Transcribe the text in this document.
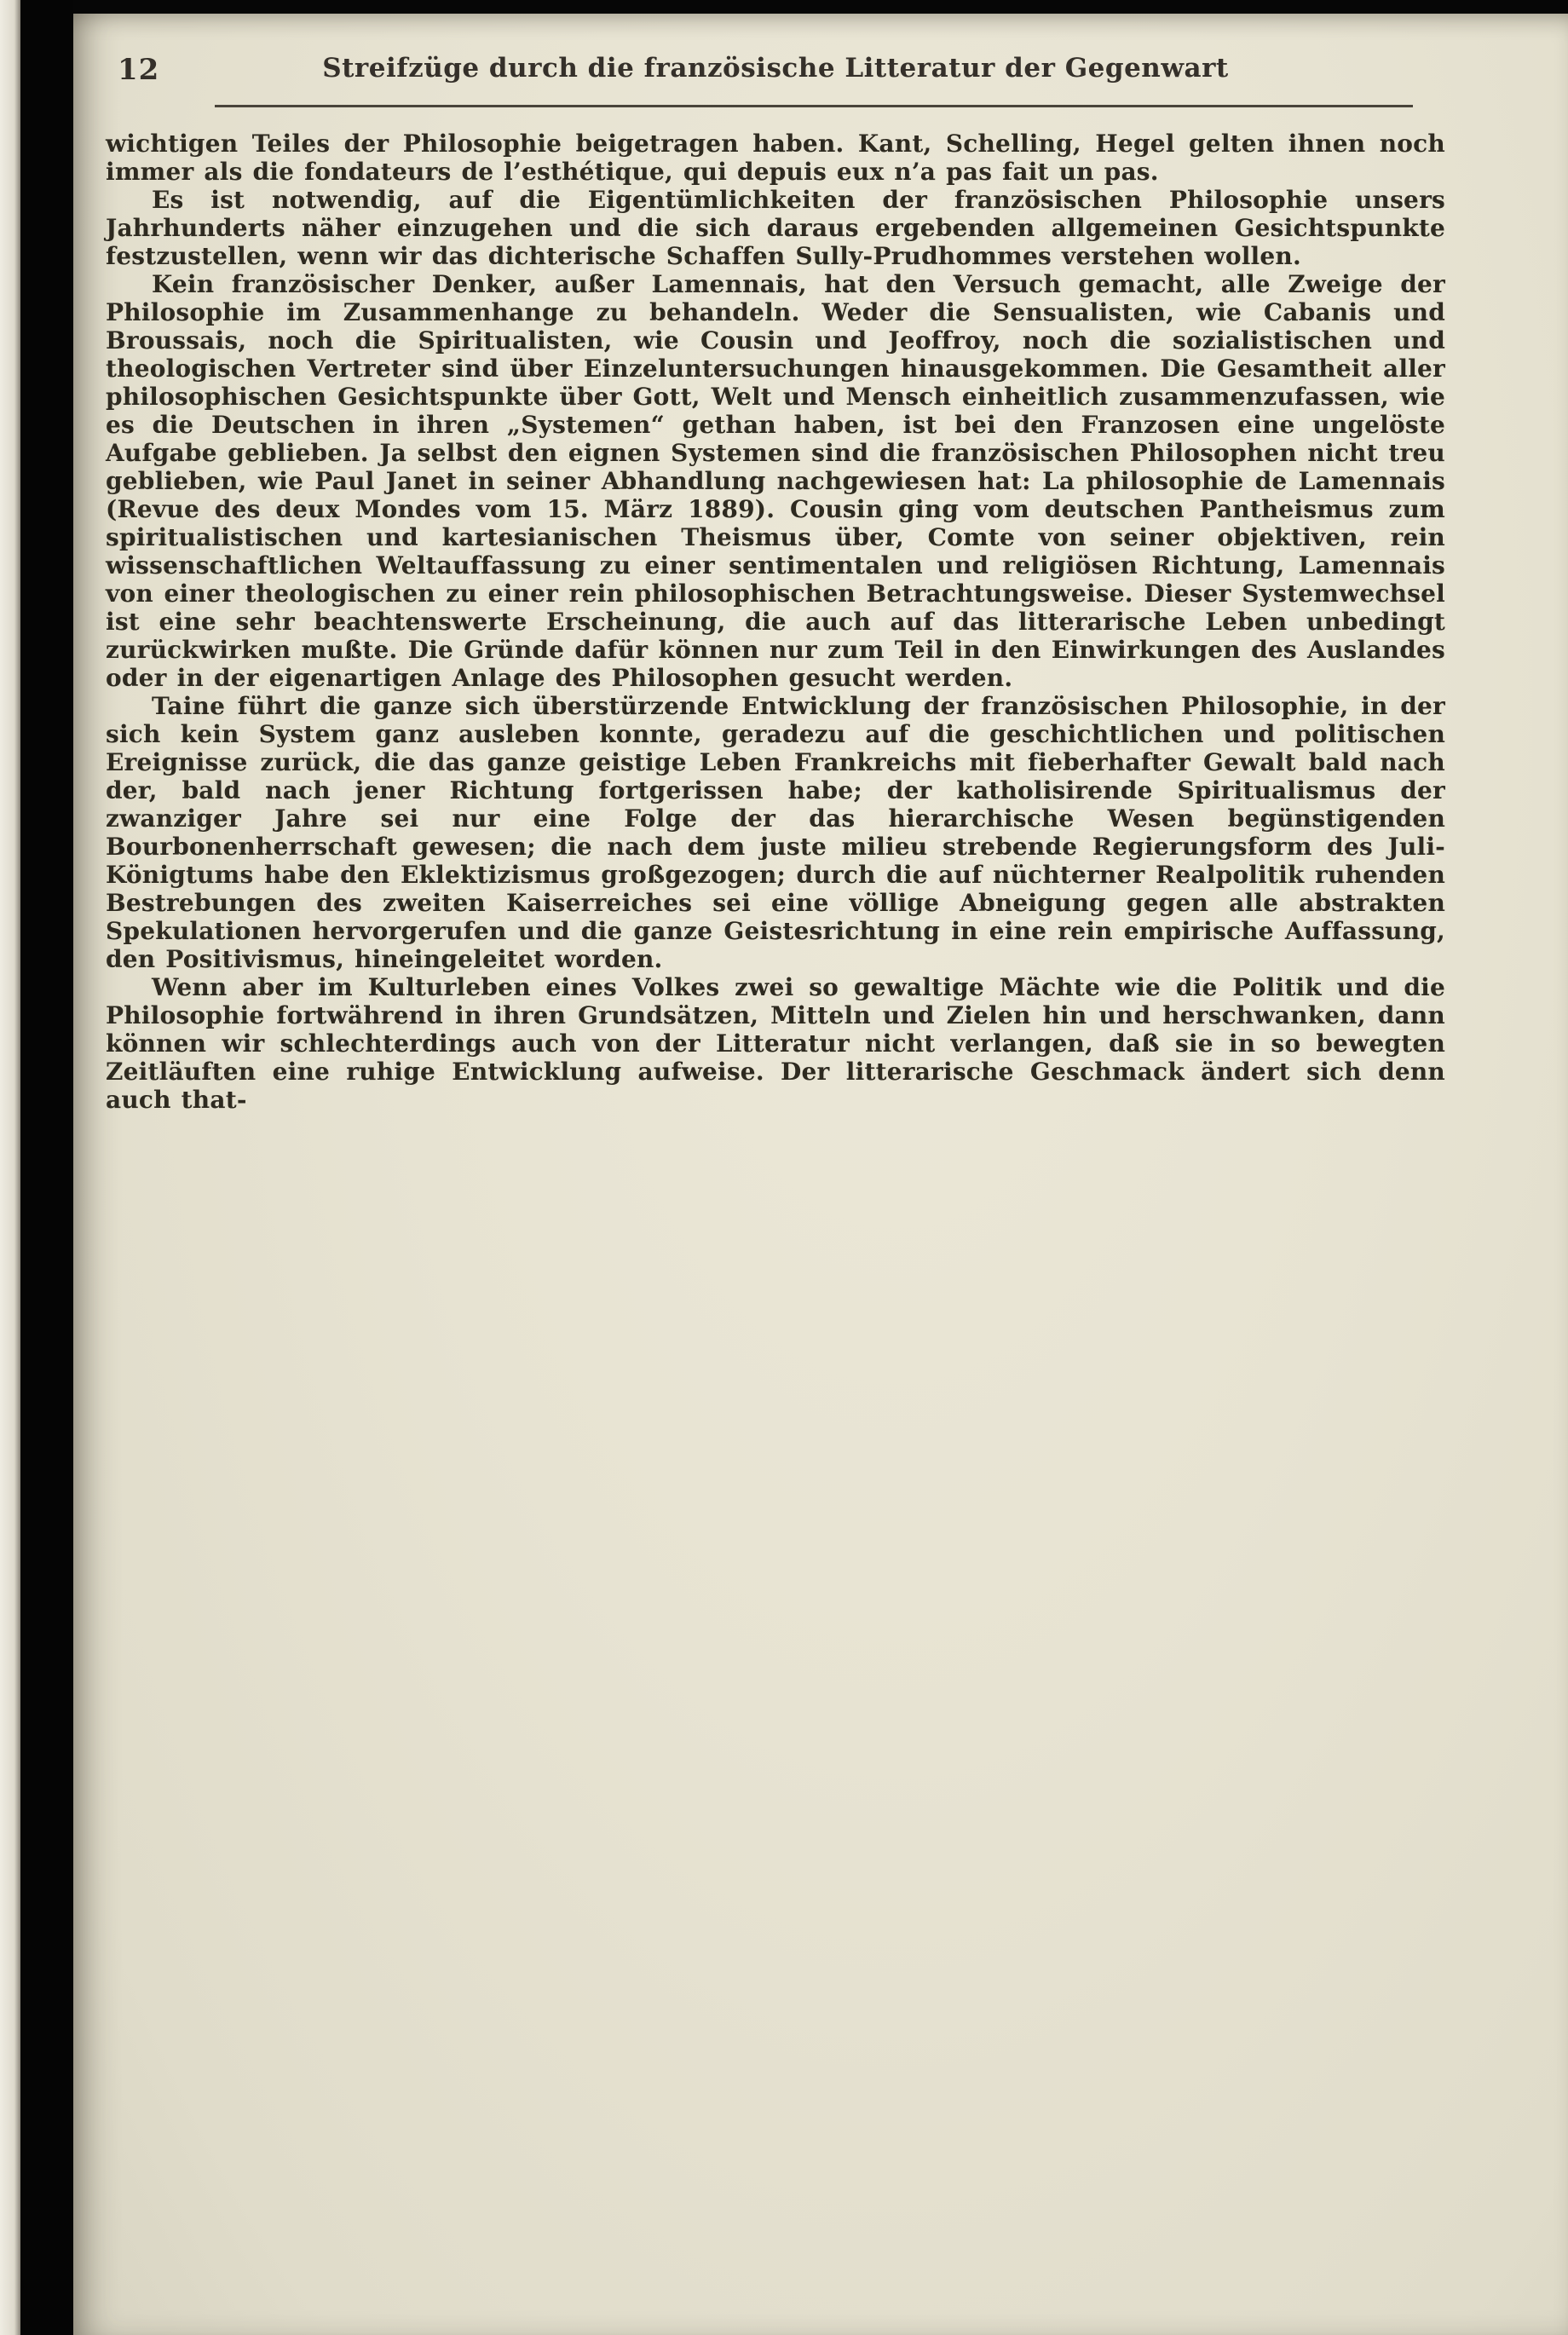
12	Streifzüge durch die französische Litteratur der Gegenwart

wichtigen Teiles der Philosophie beigetragen haben. Kant, Schelling, Hegel gelten ihnen noch immer als die fondateurs de l’esthétique, qui depuis eux n’a pas fait un pas.

Es ist notwendig, auf die Eigentümlichkeiten der französischen Philosophie unsers Jahrhunderts näher einzugehen und die sich daraus ergebenden allgemeinen Gesichtspunkte festzustellen, wenn wir das dichterische Schaffen Sully-Prudhommes verstehen wollen.

Kein französischer Denker, außer Lamennais, hat den Versuch gemacht, alle Zweige der Philosophie im Zusammenhange zu behandeln. Weder die Sensualisten, wie Cabanis und Broussais, noch die Spiritualisten, wie Cousin und Jeoffroy, noch die sozialistischen und theologischen Vertreter sind über Einzeluntersuchungen hinausgekommen. Die Gesamtheit aller philosophischen Gesichtspunkte über Gott, Welt und Mensch einheitlich zusammenzufassen, wie es die Deutschen in ihren „Systemen“ gethan haben, ist bei den Franzosen eine ungelöste Aufgabe geblieben. Ja selbst den eignen Systemen sind die französischen Philosophen nicht treu geblieben, wie Paul Janet in seiner Abhandlung nachgewiesen hat: La philosophie de Lamennais (Revue des deux Mondes vom 15. März 1889). Cousin ging vom deutschen Pantheismus zum spiritualistischen und kartesianischen Theismus über, Comte von seiner objektiven, rein wissenschaftlichen Weltauffassung zu einer sentimentalen und religiösen Richtung, Lamennais von einer theologischen zu einer rein philosophischen Betrachtungsweise. Dieser Systemwechsel ist eine sehr beachtenswerte Erscheinung, die auch auf das litterarische Leben unbedingt zurückwirken mußte. Die Gründe dafür können nur zum Teil in den Einwirkungen des Auslandes oder in der eigenartigen Anlage des Philosophen gesucht werden.

Taine führt die ganze sich überstürzende Entwicklung der französischen Philosophie, in der sich kein System ganz ausleben konnte, geradezu auf die geschichtlichen und politischen Ereignisse zurück, die das ganze geistige Leben Frankreichs mit fieberhafter Gewalt bald nach der, bald nach jener Richtung fortgerissen habe; der katholisirende Spiritualismus der zwanziger Jahre sei nur eine Folge der das hierarchische Wesen begünstigenden Bourbonenherrschaft gewesen; die nach dem juste milieu strebende Regierungsform des Juli-Königtums habe den Eklektizismus großgezogen; durch die auf nüchterner Realpolitik ruhenden Bestrebungen des zweiten Kaiserreiches sei eine völlige Abneigung gegen alle abstrakten Spekulationen hervorgerufen und die ganze Geistesrichtung in eine rein empirische Auffassung, den Positivismus, hineingeleitet worden.

Wenn aber im Kulturleben eines Volkes zwei so gewaltige Mächte wie die Politik und die Philosophie fortwährend in ihren Grundsätzen, Mitteln und Zielen hin und herschwanken, dann können wir schlechterdings auch von der Litteratur nicht verlangen, daß sie in so bewegten Zeitläuften eine ruhige Entwicklung aufweise. Der litterarische Geschmack ändert sich denn auch that-
